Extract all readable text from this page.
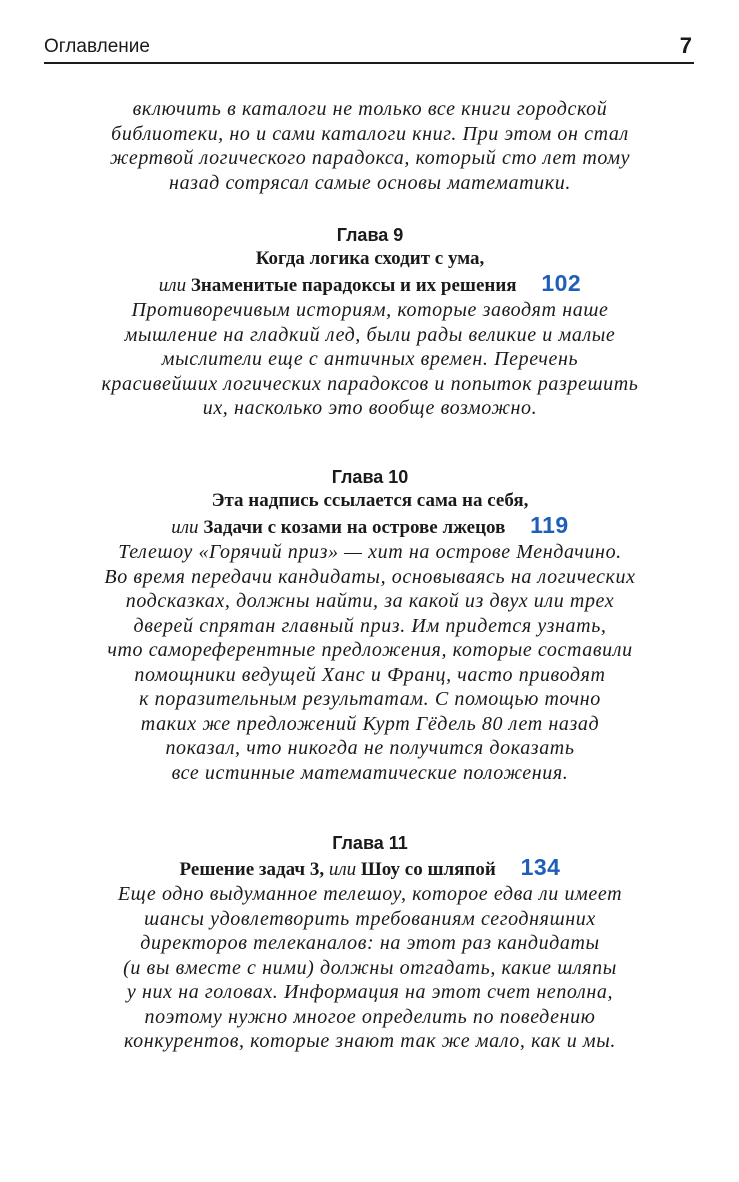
Оглавление	7

включить в каталоги не только все книги городской

библиотеки, но и сами каталоги книг. При этом он стал

жертвой логического парадокса, который сто лет тому

назад сотрясал самые основы математики.

Глава 9
Когда логика сходит с ума,
или Знаменитые парадоксы и их решения 102

Противоречивым историям, которые заводят наше

мышление на гладкий лед, были рады великие и малые

мыслители еще с античных времен. Перечень

красивейших логических парадоксов и попыток разрешить

их, насколько это вообще возможно.

Глава 10
Эта надпись ссылается сама на себя,
или Задачи с козами на острове лжецов 119

Телешоу «Горячий приз» — хит на острове Мендачино.

Во время передачи кандидаты, основываясь на логических

подсказках, должны найти, за какой из двух или трех

дверей спрятан главный приз. Им придется узнать,

что самореферентные предложения, которые составили

помощники ведущей Ханс и Франц, часто приводят

к поразительным результатам. С помощью точно

таких же предложений Курт Гёдель 80 лет назад

показал, что никогда не получится доказать

все истинные математические положения.

Глава 11
Решение задач 3, или Шоу со шляпой 134

Еще одно выдуманное телешоу, которое едва ли имеет

шансы удовлетворить требованиям сегодняшних

директоров телеканалов: на этот раз кандидаты

(и вы вместе с ними) должны отгадать, какие шляпы

у них на головах. Информация на этот счет неполна,

поэтому нужно многое определить по поведению

конкурентов, которые знают так же мало, как и мы.
